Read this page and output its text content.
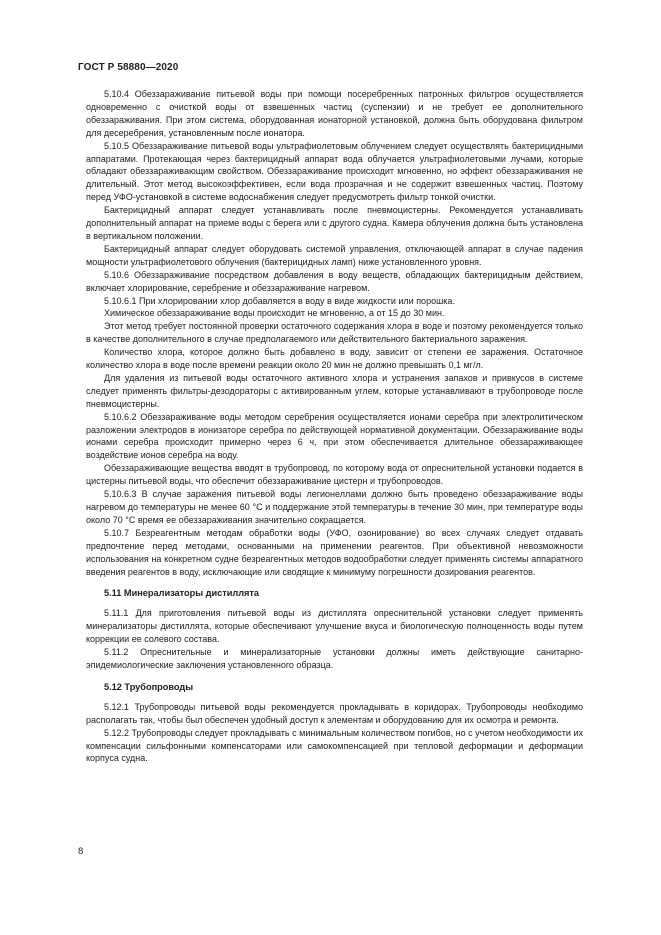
ГОСТ Р 58880—2020

5.10.4 Обеззараживание питьевой воды при помощи посеребренных патронных фильтров осуществляется одновременно с очисткой воды от взвешенных частиц (суспензии) и не требует ее дополнительного обеззараживания. При этом система, оборудованная ионаторной установкой, должна быть оборудована фильтром для десеребрения, установленным после ионатора.

5.10.5 Обеззараживание питьевой воды ультрафиолетовым облучением следует осуществлять бактерицидными аппаратами. Протекающая через бактерицидный аппарат вода облучается ультрафиолетовыми лучами, которые обладают обеззараживающим свойством. Обеззараживание происходит мгновенно, но эффект обеззараживания не длительный. Этот метод высокоэффективен, если вода прозрачная и не содержит взвешенных частиц. Поэтому перед УФО-установкой в системе водоснабжения следует предусмотреть фильтр тонкой очистки.

Бактерицидный аппарат следует устанавливать после пневмоцистерны. Рекомендуется устанавливать дополнительный аппарат на приеме воды с берега или с другого судна. Камера облучения должна быть установлена в вертикальном положении.

Бактерицидный аппарат следует оборудовать системой управления, отключающей аппарат в случае падения мощности ультрафиолетового облучения (бактерицидных ламп) ниже установленного уровня.

5.10.6 Обеззараживание посредством добавления в воду веществ, обладающих бактерицидным действием, включает хлорирование, серебрение и обеззараживание нагревом.

5.10.6.1 При хлорировании хлор добавляется в воду в виде жидкости или порошка.

Химическое обеззараживание воды происходит не мгновенно, а от 15 до 30 мин.

Этот метод требует постоянной проверки остаточного содержания хлора в воде и поэтому рекомендуется только в качестве дополнительного в случае предполагаемого или действительного бактериального заражения.

Количество хлора, которое должно быть добавлено в воду, зависит от степени ее заражения. Остаточное количество хлора в воде после времени реакции около 20 мин не должно превышать 0,1 мг/л.

Для удаления из питьевой воды остаточного активного хлора и устранения запахов и привкусов в системе следует применять фильтры-дезодораторы с активированным углем, которые устанавливают в трубопроводе после пневмоцистерны.

5.10.6.2 Обеззараживание воды методом серебрения осуществляется ионами серебра при электролитическом разложении электродов в ионизаторе серебра по действующей нормативной документации. Обеззараживание воды ионами серебра происходит примерно через 6 ч, при этом обеспечивается длительное обеззараживающее воздействие ионов серебра на воду.

Обеззараживающие вещества вводят в трубопровод, по которому вода от опреснительной установки подается в цистерны питьевой воды, что обеспечит обеззараживание цистерн и трубопроводов.

5.10.6.3 В случае заражения питьевой воды легионеллами должно быть проведено обеззараживание воды нагревом до температуры не менее 60 °С и поддержание этой температуры в течение 30 мин, при температуре воды около 70 °С время ее обеззараживания значительно сокращается.

5.10.7 Безреагентным методам обработки воды (УФО, озонирование) во всех случаях следует отдавать предпочтение перед методами, основанными на применении реагентов. При объективной невозможности использования на конкретном судне безреагентных методов водообработки следует применять системы аппаратного введения реагентов в воду, исключающие или сводящие к минимуму погрешности дозирования реагентов.

5.11 Минерализаторы дистиллята

5.11.1 Для приготовления питьевой воды из дистиллята опреснительной установки следует применять минерализаторы дистиллята, которые обеспечивают улучшение вкуса и биологическую полноценность воды путем коррекции ее солевого состава.

5.11.2 Опреснительные и минерализаторные установки должны иметь действующие санитарно-эпидемиологические заключения установленного образца.

5.12 Трубопроводы

5.12.1 Трубопроводы питьевой воды рекомендуется прокладывать в коридорах. Трубопроводы необходимо располагать так, чтобы был обеспечен удобный доступ к элементам и оборудованию для их осмотра и ремонта.

5.12.2 Трубопроводы следует прокладывать с минимальным количеством погибов, но с учетом необходимости их компенсации сильфонными компенсаторами или самокомпенсацией при тепловой деформации и деформации корпуса судна.

8
